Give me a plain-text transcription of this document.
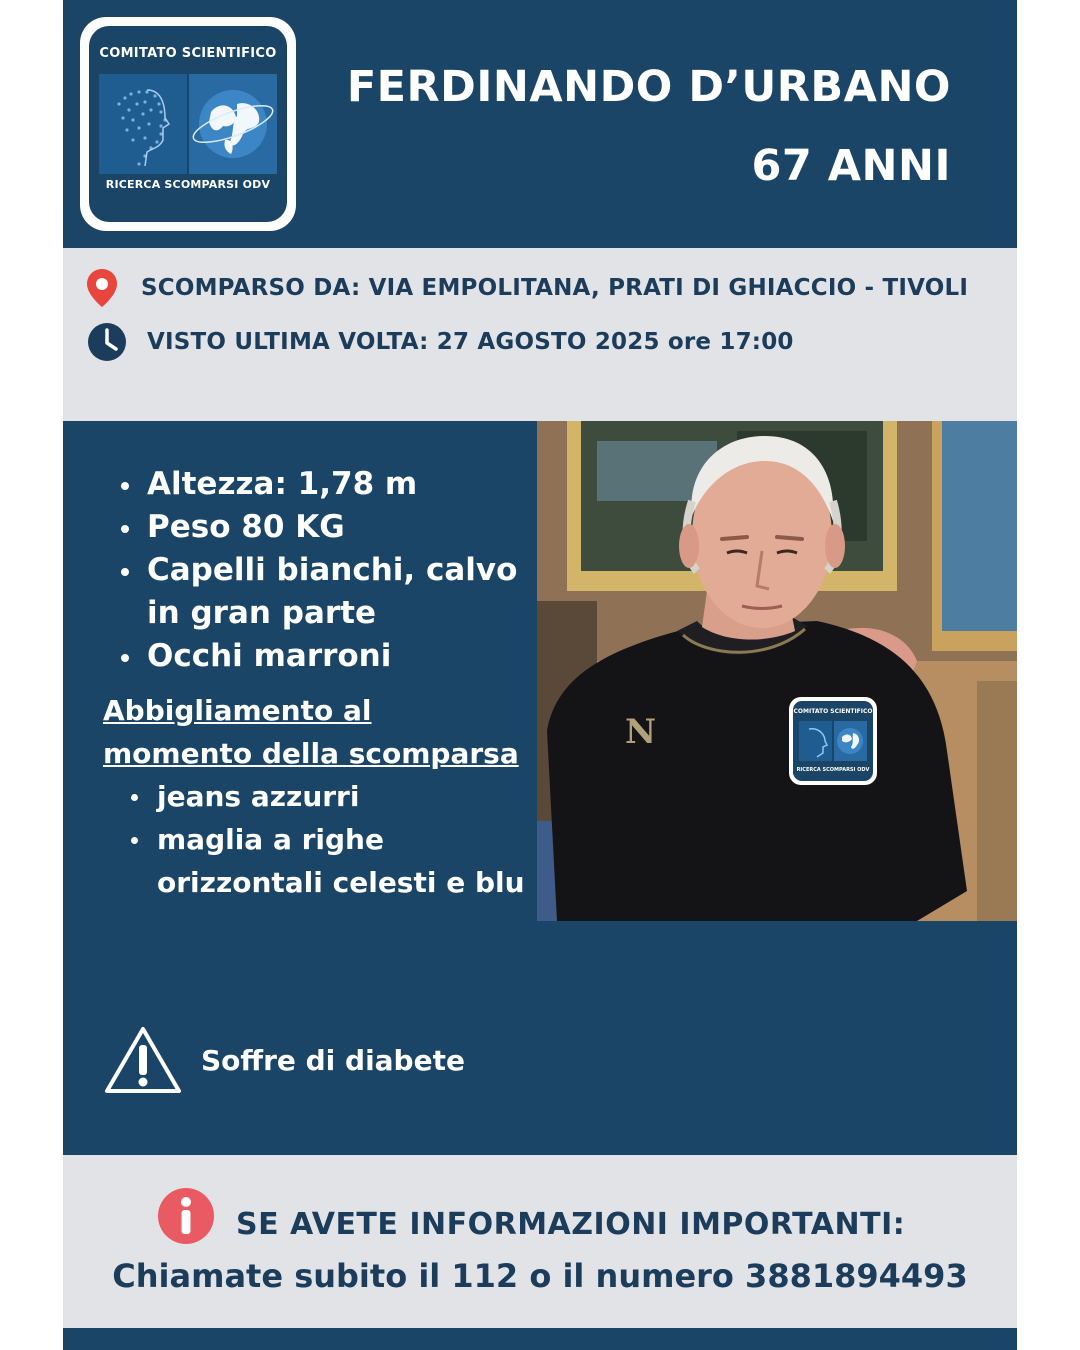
COMITATO SCIENTIFICO
RICERCA SCOMPARSI ODV
FERDINANDO D’URBANO
67 ANNI
SCOMPARSO DA: VIA EMPOLITANA, PRATI DI GHIACCIO - TIVOLI
VISTO ULTIMA VOLTA: 27 AGOSTO 2025 ore 17:00
Altezza: 1,78 m
Peso 80 KG
Capelli bianchi, calvo in gran parte
Occhi marroni
Abbigliamento al momento della scomparsa
jeans azzurri
maglia a righe orizzontali celesti e blu
N
COMITATO SCIENTIFICO
RICERCA SCOMPARSI ODV
Soffre di diabete
SE AVETE INFORMAZIONI IMPORTANTI:
Chiamate subito il 112 o il numero 3881894493
